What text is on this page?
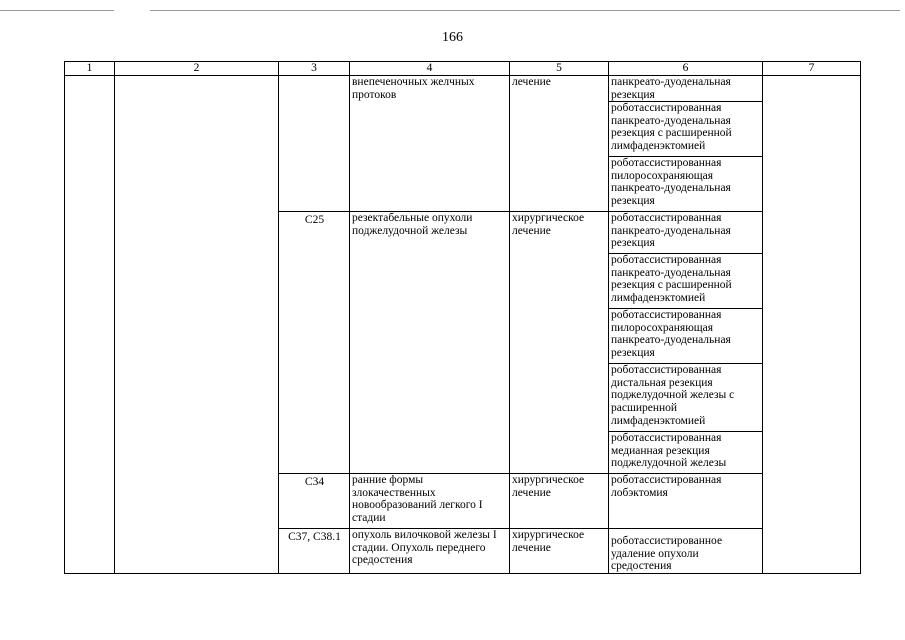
166
1	2	3	4	5	6	7
			внепеченочных желчных протоков	лечение	панкреато-дуоденальная резекция	
					роботассистированная панкреато-дуоденальная резекция с расширенной лимфаденэктомией	
					роботассистированная пилоросохраняющая панкреато-дуоденальная резекция	
		C25	резектабельные опухоли поджелудочной железы	хирургическое лечение	роботассистированная панкреато-дуоденальная резекция	
					роботассистированная панкреато-дуоденальная резекция с расширенной лимфаденэктомией	
					роботассистированная пилоросохраняющая панкреато-дуоденальная резекция	
					роботассистированная дистальная резекция поджелудочной железы с расширенной лимфаденэктомией	
					роботассистированная медианная резекция поджелудочной железы	
		C34	ранние формы злокачественных новообразований легкого I стадии	хирургическое лечение	роботассистированная лобэктомия	
		C37, C38.1	опухоль вилочковой железы I стадии. Опухоль переднего средостения	хирургическое лечение	роботассистированное удаление опухоли средостения	
